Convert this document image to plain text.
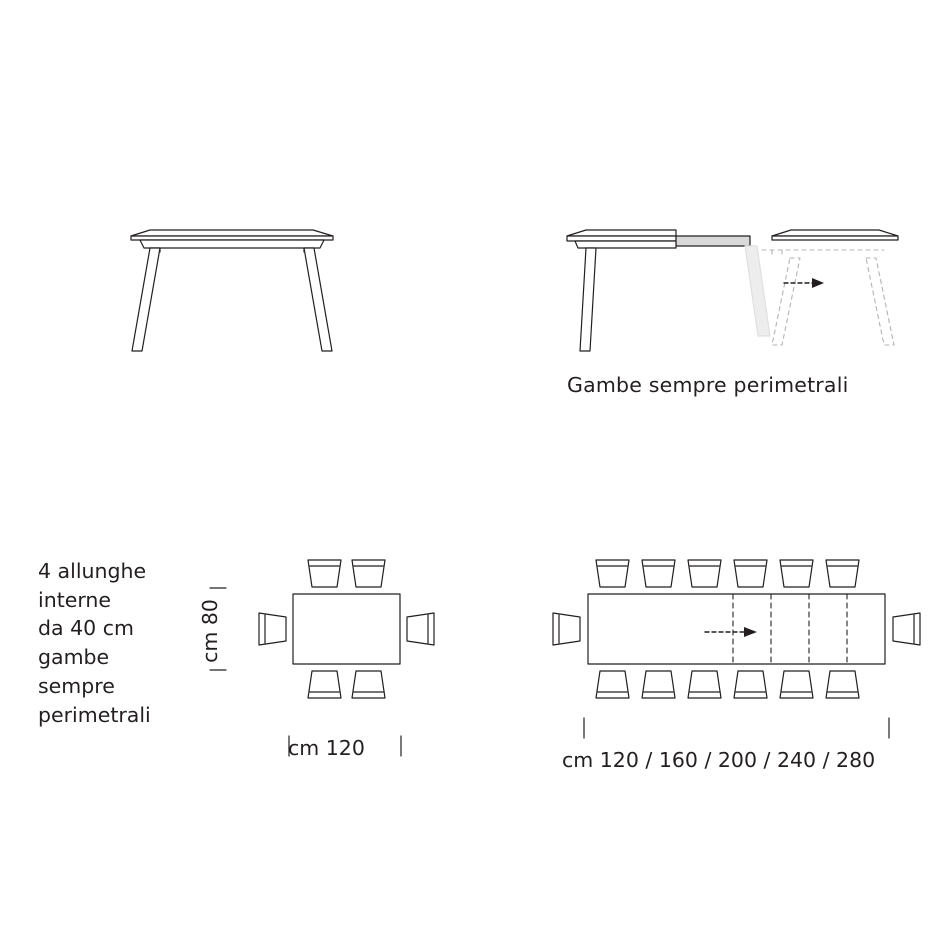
Gambe sempre perimetrali
4 allunghe
interne
da 40 cm
gambe
sempre
perimetrali
cm 80
cm 120	cm 120 / 160 / 200 / 240 / 280
